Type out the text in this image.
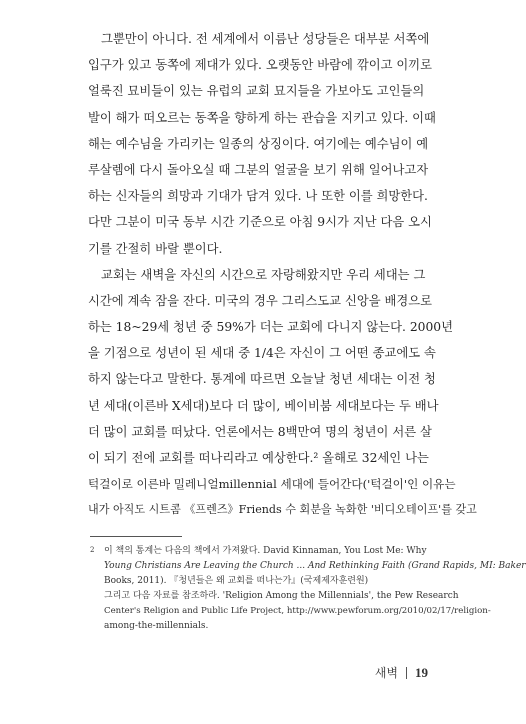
그뿐만이 아니다. 전 세계에서 이름난 성당들은 대부분 서쪽에
입구가 있고 동쪽에 제대가 있다. 오랫동안 바람에 깎이고 이끼로
얼룩진 묘비들이 있는 유럽의 교회 묘지들을 가보아도 고인들의
발이 해가 떠오르는 동쪽을 향하게 하는 관습을 지키고 있다. 이때
해는 예수님을 가리키는 일종의 상징이다. 여기에는 예수님이 예
루살렘에 다시 돌아오실 때 그분의 얼굴을 보기 위해 일어나고자
하는 신자들의 희망과 기대가 담겨 있다. 나 또한 이를 희망한다.
다만 그분이 미국 동부 시간 기준으로 아침 9시가 지난 다음 오시
기를 간절히 바랄 뿐이다.
교회는 새벽을 자신의 시간으로 자랑해왔지만 우리 세대는 그
시간에 계속 잠을 잔다. 미국의 경우 그리스도교 신앙을 배경으로
하는 18~29세 청년 중 59%가 더는 교회에 다니지 않는다. 2000년
을 기점으로 성년이 된 세대 중 1/4은 자신이 그 어떤 종교에도 속
하지 않는다고 말한다. 통계에 따르면 오늘날 청년 세대는 이전 청
년 세대(이른바 X세대)보다 더 많이, 베이비붐 세대보다는 두 배나
더 많이 교회를 떠났다. 언론에서는 8백만여 명의 청년이 서른 살
이 되기 전에 교회를 떠나리라고 예상한다.² 올해로 32세인 나는
턱걸이로 이른바 밀레니얼millennial 세대에 들어간다('턱걸이'인 이유는
내가 아직도 시트콤 《프렌즈》Friends 수 회분을 녹화한 '비디오테이프'를 갖고
2	이 책의 통계는 다음의 책에서 가져왔다. David Kinnaman, You Lost Me: Why
Young Christians Are Leaving the Church ... And Rethinking Faith (Grand Rapids, MI: Baker
Books, 2011). 『청년들은 왜 교회를 떠나는가』(국제제자훈련원)
그리고 다음 자료를 참조하라. 'Religion Among the Millennials', the Pew Research
Center's Religion and Public Life Project, http://www.pewforum.org/2010/02/17/religion-
among-the-millennials.
새벽 19
